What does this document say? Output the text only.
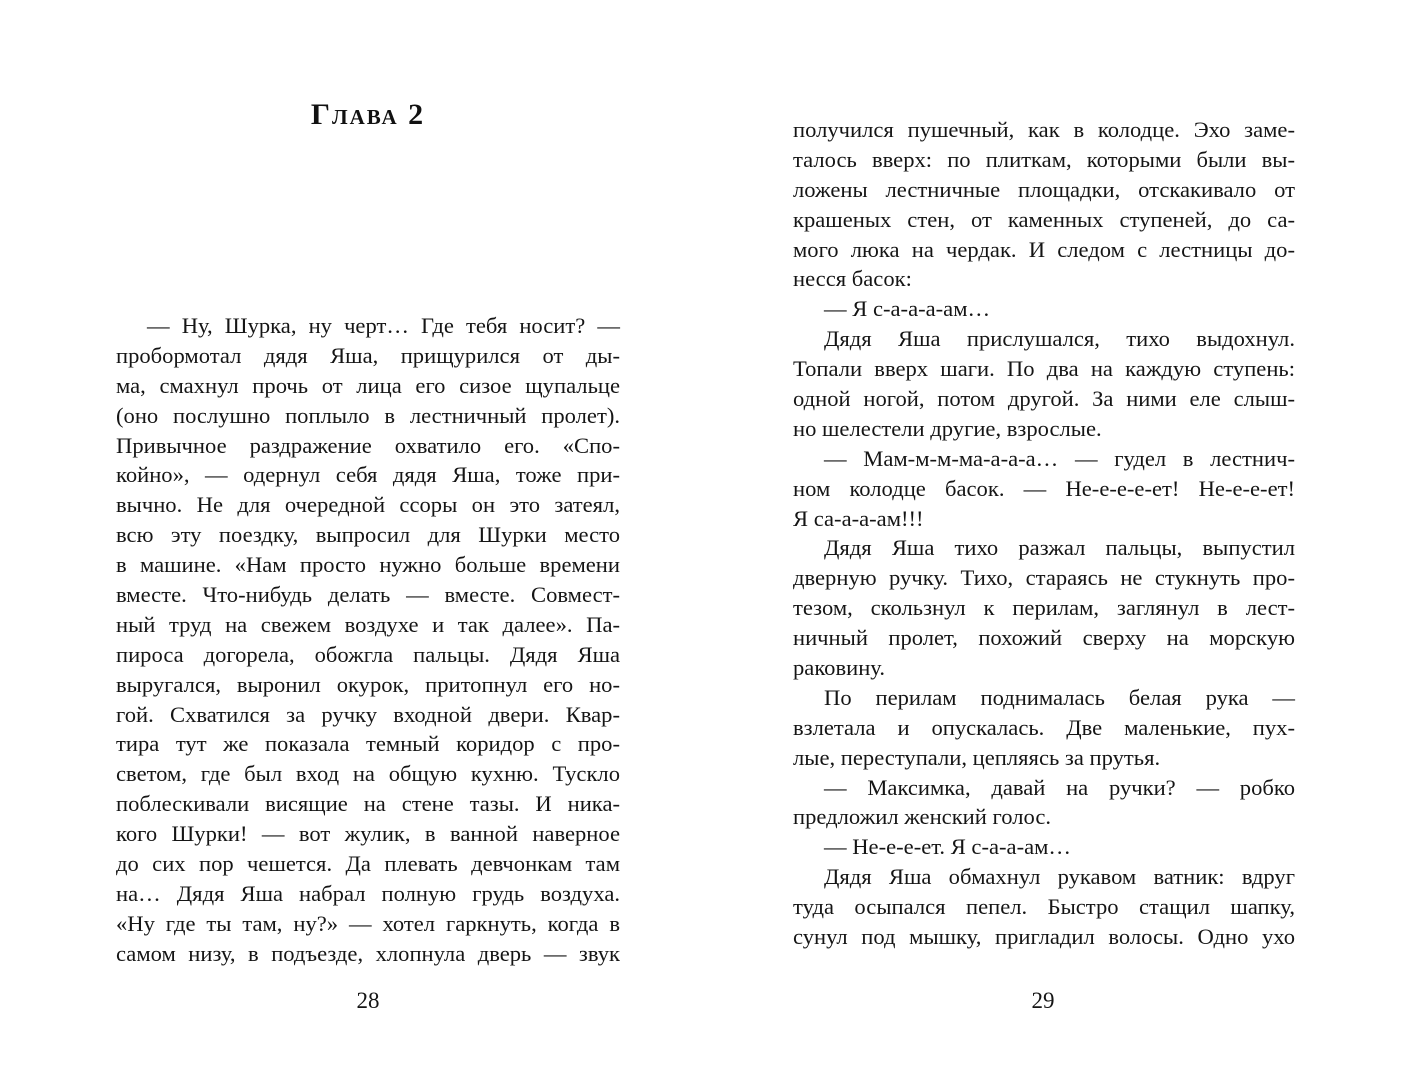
Глава 2
— Ну, Шурка, ну черт… Где тебя носит? —
пробормотал дядя Яша, прищурился от ды-
ма, смахнул прочь от лица его сизое щупальце
(оно послушно поплыло в лестничный пролет).
Привычное раздражение охватило его. «Спо-
койно», — одернул себя дядя Яша, тоже при-
вычно. Не для очередной ссоры он это затеял,
всю эту поездку, выпросил для Шурки место
в машине. «Нам просто нужно больше времени
вместе. Что-нибудь делать — вместе. Совмест-
ный труд на свежем воздухе и так далее». Па-
пироса догорела, обожгла пальцы. Дядя Яша
выругался, выронил окурок, притопнул его но-
гой. Схватился за ручку входной двери. Квар-
тира тут же показала темный коридор с про-
светом, где был вход на общую кухню. Тускло
поблескивали висящие на стене тазы. И ника-
кого Шурки! — вот жулик, в ванной наверное
до сих пор чешется. Да плевать девчонкам там
на… Дядя Яша набрал полную грудь воздуха.
«Ну где ты там, ну?» — хотел гаркнуть, когда в
самом низу, в подъезде, хлопнула дверь — звук
28
получился пушечный, как в колодце. Эхо заме-
талось вверх: по плиткам, которыми были вы-
ложены лестничные площадки, отскакивало от
крашеных стен, от каменных ступеней, до са-
мого люка на чердак. И следом с лестницы до-
несся басок:
— Я с-а-а-а-ам…
Дядя Яша прислушался, тихо выдохнул.
Топали вверх шаги. По два на каждую ступень:
одной ногой, потом другой. За ними еле слыш-
но шелестели другие, взрослые.
— Мам-м-м-ма-а-а-а… — гудел в лестнич-
ном колодце басок. — Не-е-е-е-ет! Не-е-е-ет!
Я са-а-а-ам!!!
Дядя Яша тихо разжал пальцы, выпустил
дверную ручку. Тихо, стараясь не стукнуть про-
тезом, скользнул к перилам, заглянул в лест-
ничный пролет, похожий сверху на морскую
раковину.
По перилам поднималась белая рука —
взлетала и опускалась. Две маленькие, пух-
лые, переступали, цепляясь за прутья.
— Максимка, давай на ручки? — робко
предложил женский голос.
— Не-е-е-ет. Я с-а-а-ам…
Дядя Яша обмахнул рукавом ватник: вдруг
туда осыпался пепел. Быстро стащил шапку,
сунул под мышку, пригладил волосы. Одно ухо
29
